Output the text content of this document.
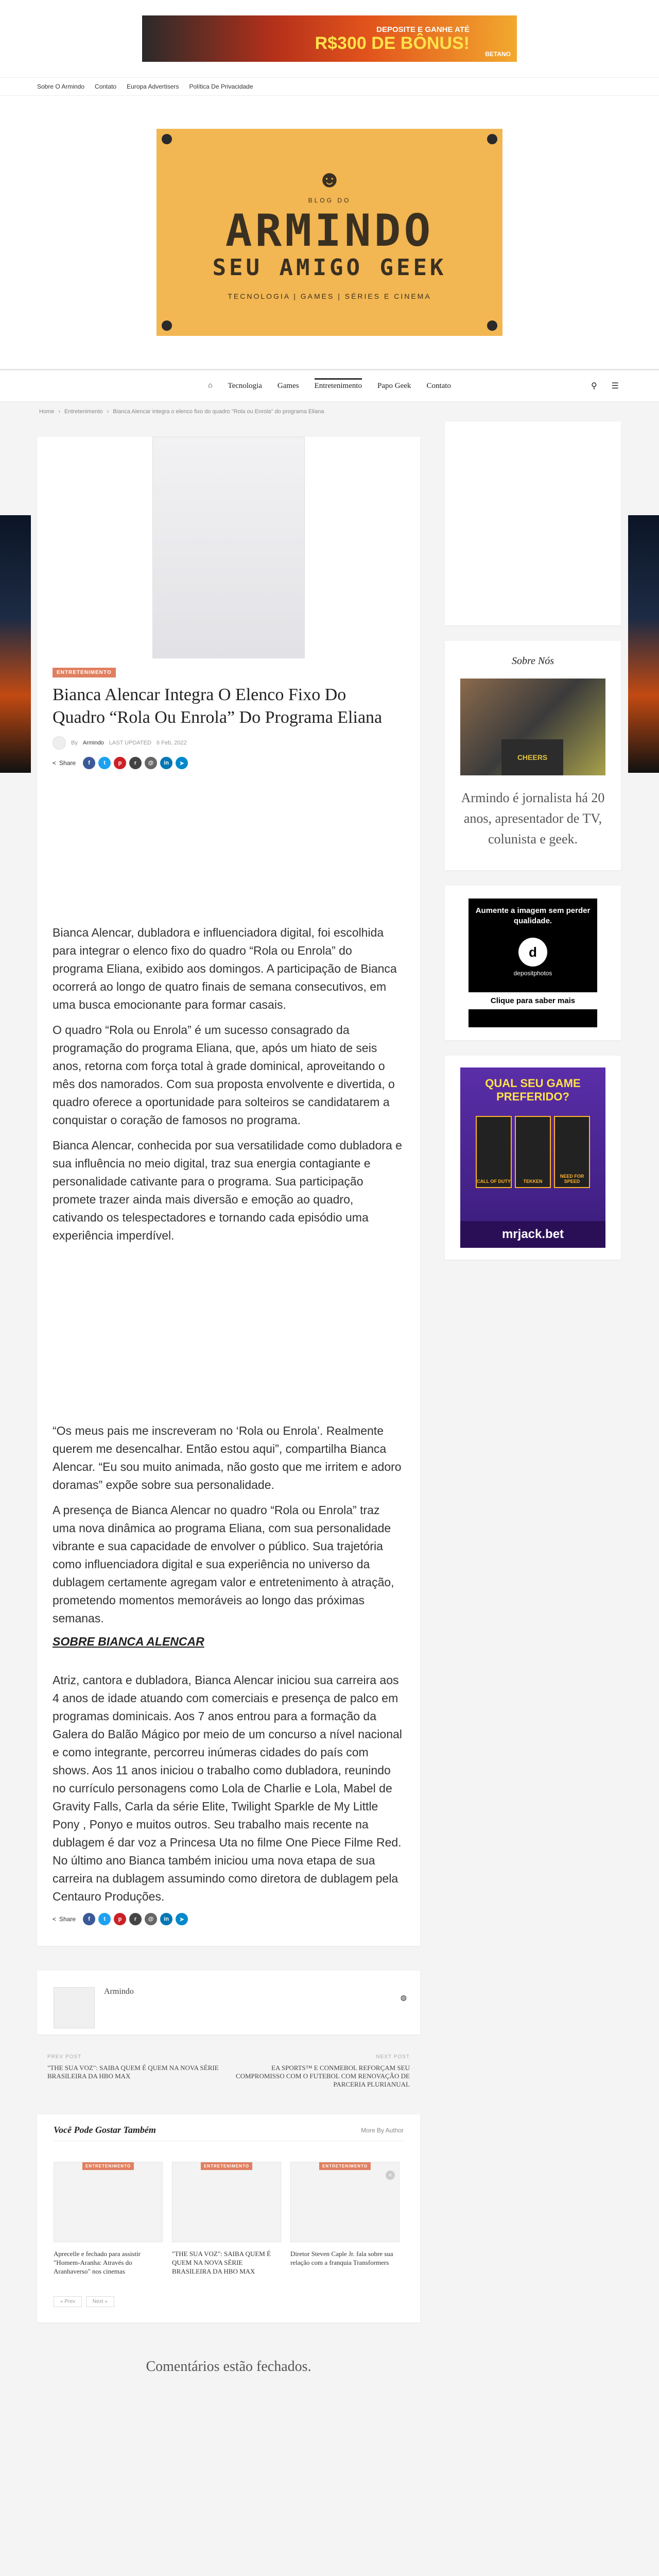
DEPOSITE E GANHE ATÉ
R$300 DE BÔNUS!
BETANO
Sobre O Armindo Contato Europa Advertisers Política De Privacidade
☻
BLOG DO
ARMINDO
SEU AMIGO GEEK
TECNOLOGIA | GAMES | SÉRIES E CINEMA
⌂ Tecnologia Games Entretenimento Papo Geek Contato	⚲ ☰
Home › Entretenimento › Bianca Alencar integra o elenco fixo do quadro "Rola ou Enrola" do programa Eliana
ENTRETENIMENTO
Bianca Alencar Integra O Elenco Fixo Do Quadro “Rola Ou Enrola” Do Programa Eliana
By Armindo LAST UPDATED 6 Feb, 2022
< Share	f	t	p	r	@	in	➤

Bianca Alencar, dubladora e influenciadora digital, foi escolhida para integrar o elenco fixo do quadro “Rola ou Enrola” do programa Eliana, exibido aos domingos. A participação de Bianca ocorrerá ao longo de quatro finais de semana consecutivos, em uma busca emocionante para formar casais.

O quadro “Rola ou Enrola” é um sucesso consagrado da programação do programa Eliana, que, após um hiato de seis anos, retorna com força total à grade dominical, aproveitando o mês dos namorados. Com sua proposta envolvente e divertida, o quadro oferece a oportunidade para solteiros se candidatarem a conquistar o coração de famosos no programa.

Bianca Alencar, conhecida por sua versatilidade como dubladora e sua influência no meio digital, traz sua energia contagiante e personalidade cativante para o programa. Sua participação promete trazer ainda mais diversão e emoção ao quadro, cativando os telespectadores e tornando cada episódio uma experiência imperdível.

“Os meus pais me inscreveram no ‘Rola ou Enrola’. Realmente querem me desencalhar. Então estou aqui”, compartilha Bianca Alencar. “Eu sou muito animada, não gosto que me irritem e adoro doramas” expõe sobre sua personalidade.

A presença de Bianca Alencar no quadro “Rola ou Enrola” traz uma nova dinâmica ao programa Eliana, com sua personalidade vibrante e sua capacidade de envolver o público. Sua trajetória como influenciadora digital e sua experiência no universo da dublagem certamente agregam valor e entretenimento à atração, prometendo momentos memoráveis ao longo das próximas semanas.

SOBRE BIANCA ALENCAR

Atriz, cantora e dubladora, Bianca Alencar iniciou sua carreira aos 4 anos de idade atuando com comerciais e presença de palco em programas dominicais. Aos 7 anos entrou para a formação da Galera do Balão Mágico por meio de um concurso a nível nacional e como integrante, percorreu inúmeras cidades do país com shows. Aos 11 anos iniciou o trabalho como dubladora, reunindo no currículo personagens como Lola de Charlie e Lola, Mabel de Gravity Falls, Carla da série Elite, Twilight Sparkle de My Little Pony , Ponyo e muitos outros. Seu trabalho mais recente na dublagem é dar voz a Princesa Uta no filme One Piece Filme Red. No último ano Bianca também iniciou uma nova etapa de sua carreira na dublagem assumindo como diretora de dublagem pela Centauro Produções.

< Share	f	t	p	r	@	in	➤
Armindo
◍
PREV POST
"THE SUA VOZ": SAIBA QUEM É QUEM NA NOVA SÉRIE BRASILEIRA DA HBO MAX
NEXT POST
EA SPORTS™ E CONMEBOL REFORÇAM SEU COMPROMISSO COM O FUTEBOL COM RENOVAÇÃO DE PARCERIA PLURIANUAL
Você Pode Gostar Também	More By Author
ENTRETENIMENTO
Aprecelle e fechado para assistir "Homem-Aranha: Através do Aranhaverso" nos cinemas
ENTRETENIMENTO
"THE SUA VOZ": SAIBA QUEM É QUEM NA NOVA SÉRIE BRASILEIRA DA HBO MAX
ENTRETENIMENTO
×
Diretor Steven Caple Jr. fala sobre sua relação com a franquia Transformers
« Prev	Next »
Comentários estão fechados.
Sobre Nós
CHEERS
Armindo é jornalista há 20 anos, apresentador de TV, colunista e geek.
Aumente a imagem sem perder qualidade.
d
depositphotos
Clique para saber mais
QUAL SEU GAME PREFERIDO?
CALL OF DUTY	TEKKEN
NEED FOR SPEED
mrjack.bet
